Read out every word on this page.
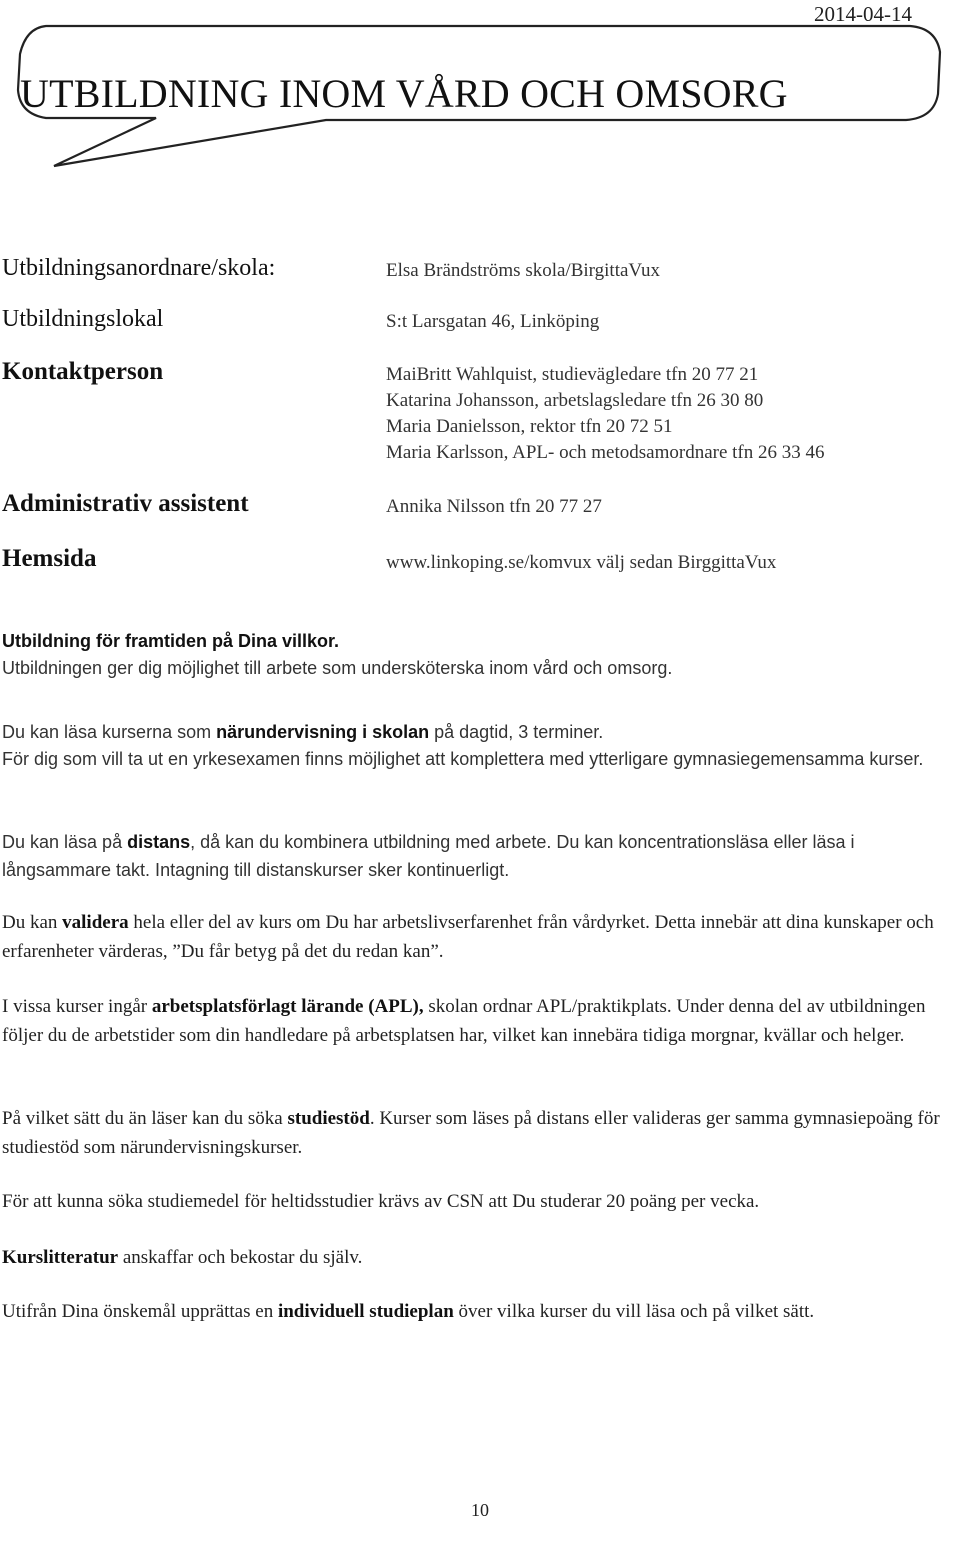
2014-04-14
UTBILDNING INOM VÅRD OCH OMSORG
Utbildningsanordnare/skola:	Elsa Brändströms skola/BirgittaVux
Utbildningslokal	S:t Larsgatan 46, Linköping
Kontaktperson	MaiBritt Wahlquist, studievägledare tfn 20 77 21
Katarina Johansson, arbetslagsledare tfn 26 30 80
Maria Danielsson, rektor tfn 20 72 51
Maria Karlsson, APL- och metodsamordnare tfn 26 33 46
Administrativ assistent	Annika Nilsson tfn 20 77 27
Hemsida	www.linkoping.se/komvux välj sedan BirggittaVux
Utbildning för framtiden på Dina villkor.
Utbildningen ger dig möjlighet till arbete som undersköterska inom vård och omsorg.
Du kan läsa kurserna som närundervisning i skolan på dagtid, 3 terminer.
För dig som vill ta ut en yrkesexamen finns möjlighet att komplettera med ytterligare gymnasiegemensamma kurser.
Du kan läsa på distans, då kan du kombinera utbildning med arbete. Du kan koncentrationsläsa eller läsa i långsammare takt. Intagning till distanskurser sker kontinuerligt.
Du kan validera hela eller del av kurs om Du har arbetslivserfarenhet från vårdyrket. Detta innebär att dina kunskaper och erfarenheter värderas, ”Du får betyg på det du redan kan”.
I vissa kurser ingår arbetsplatsförlagt lärande (APL), skolan ordnar APL/praktikplats. Under denna del av utbildningen följer du de arbetstider som din handledare på arbetsplatsen har, vilket kan innebära tidiga morgnar, kvällar och helger.
På vilket sätt du än läser kan du söka studiestöd. Kurser som läses på distans eller valideras ger samma gymnasiepoäng för studiestöd som närundervisningskurser.
För att kunna söka studiemedel för heltidsstudier krävs av CSN att Du studerar 20 poäng per vecka.
Kurslitteratur anskaffar och bekostar du själv.
Utifrån Dina önskemål upprättas en individuell studieplan över vilka kurser du vill läsa och på vilket sätt.
10
